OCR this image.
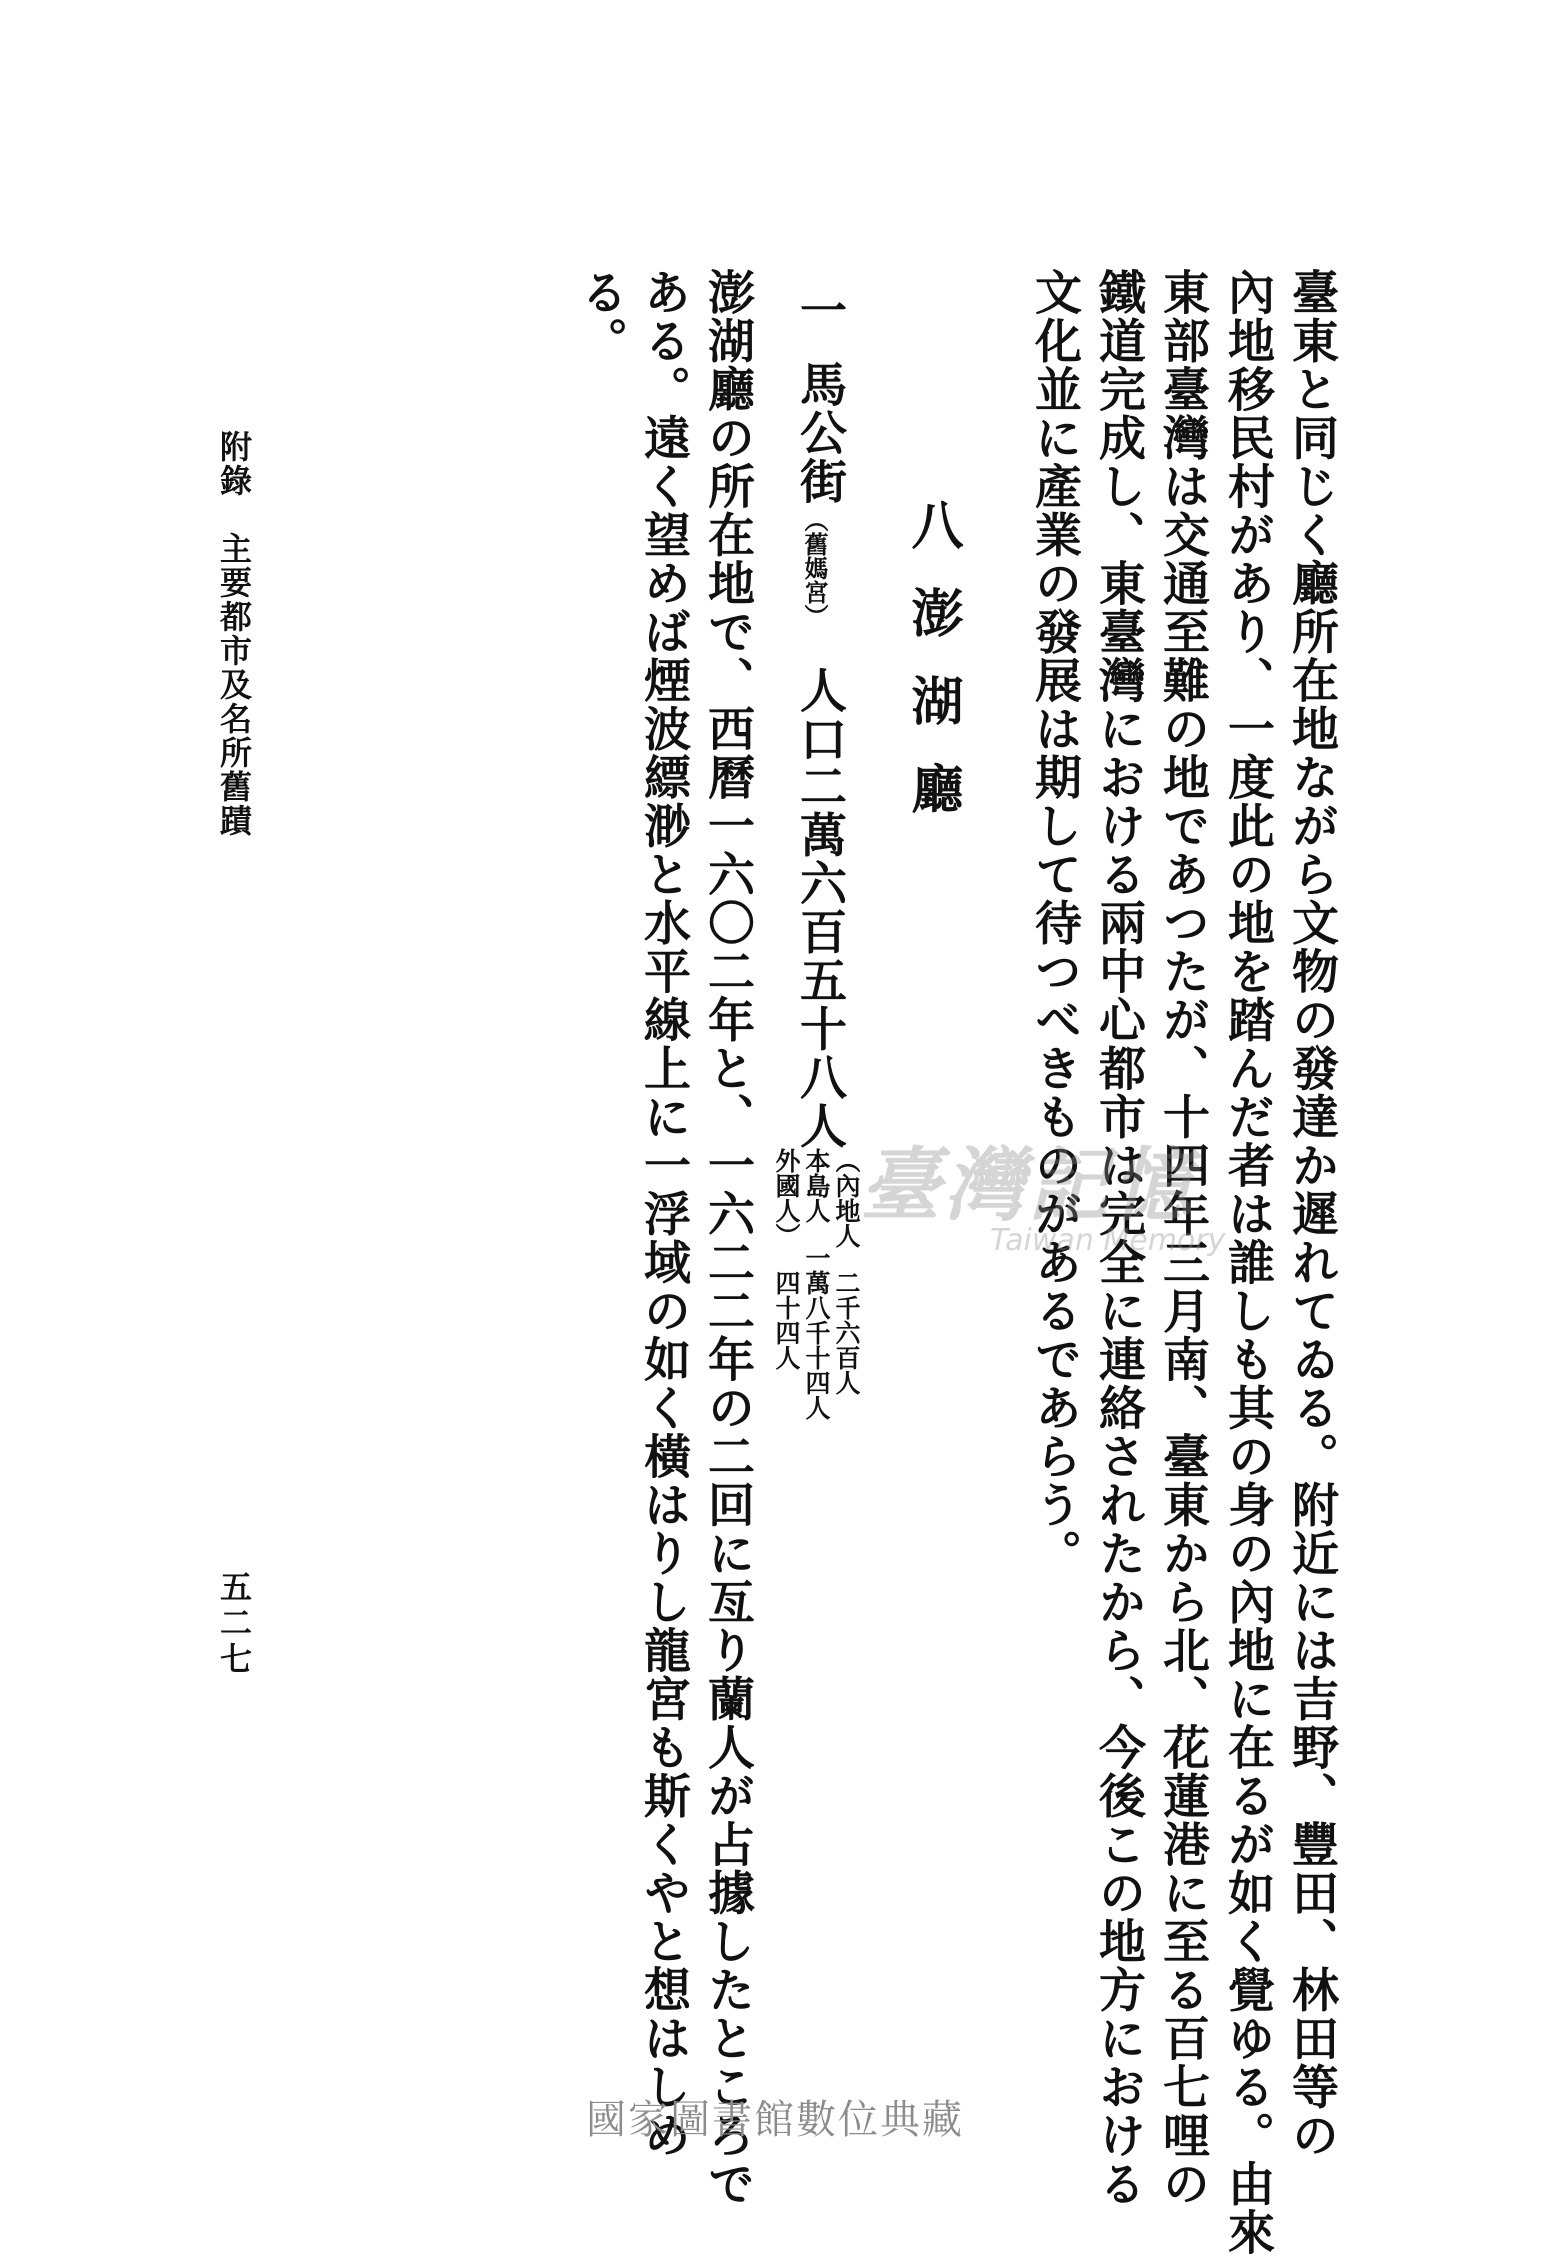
臺東と同じく廳所在地ながら文物の發達か遲れてゐる。附近には吉野、豐田、林田等の
內地移民村があり、一度此の地を踏んだ者は誰しも其の身の內地に在るが如く覺ゆる。由來
東部臺灣は交通至難の地であつたが、十四年三月南、臺東から北、花蓮港に至る百七哩の
鐵道完成し、東臺灣における兩中心都市は完全に連絡されたから、今後この地方における
文化並に產業の發展は期して待つべきものがあるであらう。
八澎湖廳
一
馬公街
（舊媽宮）
人口
二萬六百五十八人
（內地人二千六百人
本島人一萬八千十四人
外國人）四十四人
澎湖廳の所在地で、西曆一六〇二年と、一六二二年の二回に亙り蘭人が占據したところで
ある。遠く望めば煙波縹渺と水平線上に一浮域の如く橫はりし龍宮も斯くやと想はしめ
る。
附錄　主要都市及名所舊蹟
五二七
臺灣記憶
Taiwan Memory
國家圖書館數位典藏
